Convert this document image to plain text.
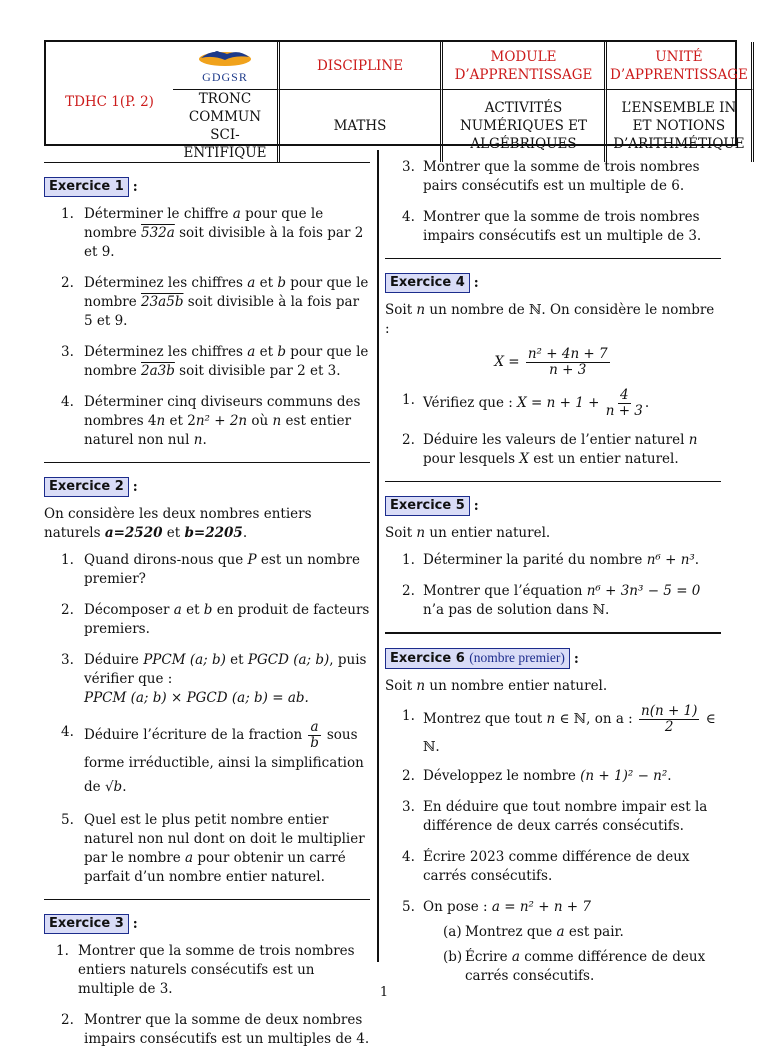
GDGSR
DISCIPLINE
MODULE D’APPRENTISSAGE
UNITÉ D’APPRENTISSAGE
TDHC 1(P. 2)	TRONC COMMUN SCI-ENTIFIQUE
MATHS
ACTIVITÉS NUMÉRIQUES ET ALGÉBRIQUES
L’ENSEMBLE IN ET NOTIONS D’ARITHMÉTIQUE
Exercice 1 :
1. Déterminer le chiffre a pour que le nombre 532a soit divisible à la fois par 2 et 9.
2. Déterminez les chiffres a et b pour que le nombre 23a5b soit divisible à la fois par 5 et 9.
3. Déterminez les chiffres a et b pour que le nombre 2a3b soit divisible par 2 et 3.
4. Déterminer cinq diviseurs communs des nombres 4n et 2n² + 2n où n est entier naturel non nul n.
Exercice 2 :

On considère les deux nombres entiers naturels a=2520 et b=2205.

1. Quand dirons-nous que P est un nombre premier?
2. Décomposer a et b en produit de facteurs premiers.
3. Déduire PPCM (a; b) et PGCD (a; b), puis vérifier que :
PPCM (a; b) × PGCD (a; b) = ab.
4. Déduire l’écriture de la fraction $\frac{a}{b}$ sous forme irréductible, ainsi la simplification de √b.
5. Quel est le plus petit nombre entier naturel non nul dont on doit le multiplier par le nombre a pour obtenir un carré parfait d’un nombre entier naturel.
Exercice 3 :
1. Montrer que la somme de trois nombres entiers naturels consécutifs est un multiple de 3.
2. Montrer que la somme de deux nombres impairs consécutifs est un multiples de 4.
3. Montrer que la somme de trois nombres pairs consécutifs est un multiple de 6.
4. Montrer que la somme de trois nombres impairs consécutifs est un multiple de 3.
Exercice 4 :

Soit n un nombre de ℕ. On considère le nombre :

$X = \frac{\text{n² + 4n + 7}}{n + 3}$
1. Vérifiez que : $X = n + 1 + \frac{4}{n + 3}$ .
2. Déduire les valeurs de l’entier naturel n pour lesquels X est un entier naturel.
Exercice 5 :

Soit n un entier naturel.

1. Déterminer la parité du nombre n⁶ + n³.
2. Montrer que l’équation n⁶ + 3n³ − 5 = 0 n’a pas de solution dans ℕ.
Exercice 6 (nombre premier) :

Soit n un nombre entier naturel.

1. Montrez que tout n ∈ ℕ, on a : $\frac{n(n + 1)}{2}$ ∈ ℕ.
2. Développez le nombre (n + 1)² − n².
3. En déduire que tout nombre impair est la différence de deux carrés consécutifs.
4. Écrire 2023 comme différence de deux carrés consécutifs.
5. On pose : a = n² + n + 7
(a) Montrez que a est pair.
(b) Écrire a comme différence de deux carrés consécutifs.
1
